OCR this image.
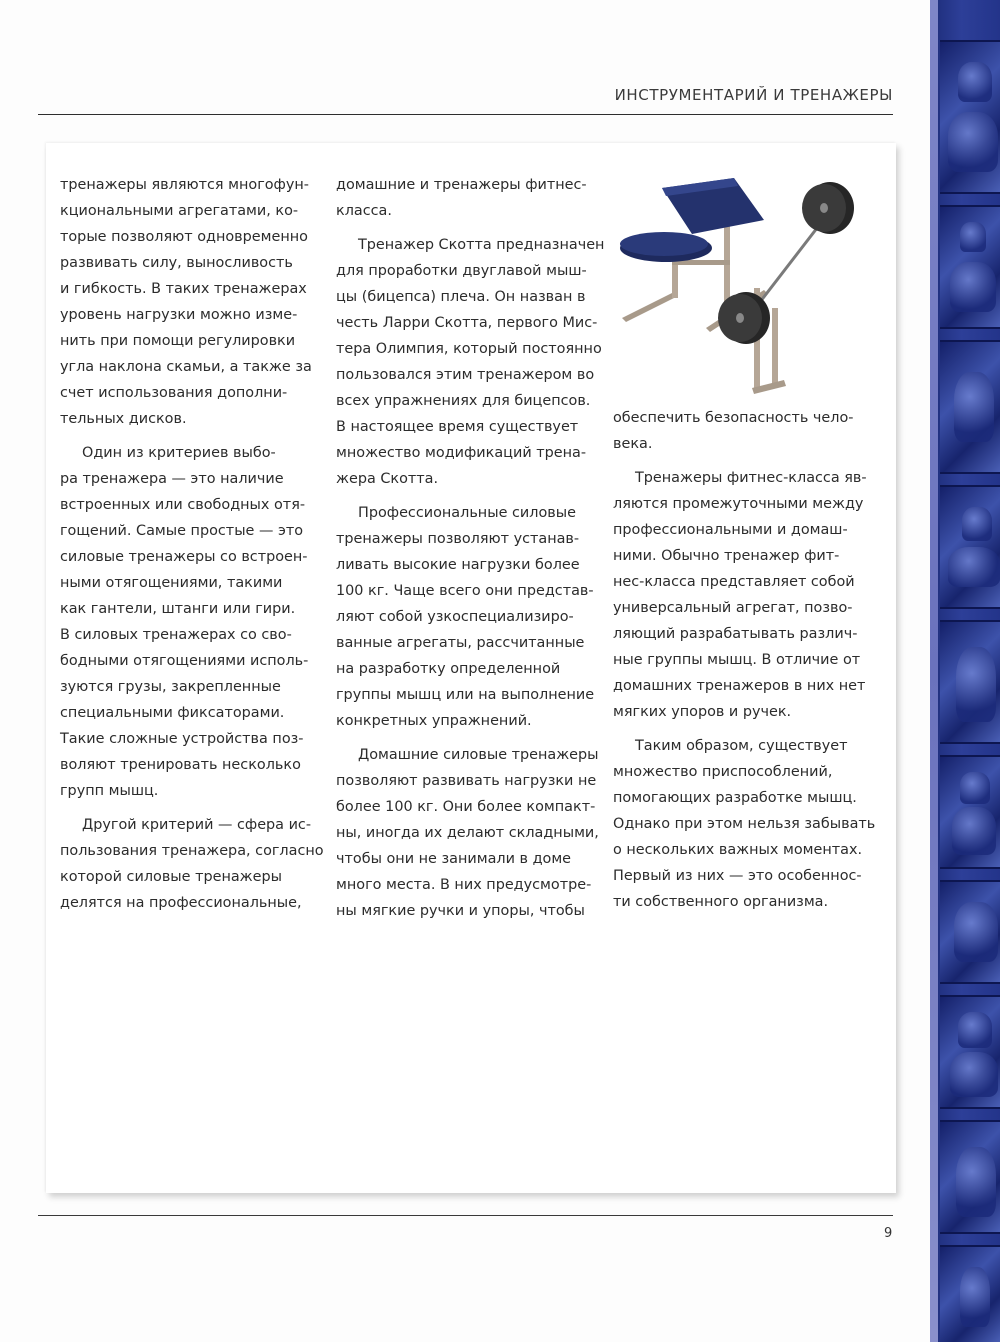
ИНСТРУМЕНТАРИЙ И ТРЕНАЖЕРЫ

тренажеры являются многофун-
кциональными агрегатами, ко-
торые позволяют одновременно
развивать силу, выносливость
и гибкость. В таких тренажерах
уровень нагрузки можно изме-
нить при помощи регулировки
угла наклона скамьи, а также за
счет использования дополни-
тельных дисков.

Один из критериев выбо-
ра тренажера — это наличие
встроенных или свободных отя-
гощений. Самые простые — это
силовые тренажеры со встроен-
ными отягощениями, такими
как гантели, штанги или гири.
В силовых тренажерах со сво-
бодными отягощениями исполь-
зуются грузы, закрепленные
специальными фиксаторами.
Такие сложные устройства поз-
воляют тренировать несколько
групп мышц.

Другой критерий — сфера ис-
пользования тренажера, согласно
которой силовые тренажеры
делятся на профессиональные,

домашние и тренажеры фитнес-
класса.

Тренажер Скотта предназначен
для проработки двуглавой мыш-
цы (бицепса) плеча. Он назван в
честь Ларри Скотта, первого Мис-
тера Олимпия, который постоянно
пользовался этим тренажером во
всех упражнениях для бицепсов.
В настоящее время существует
множество модификаций трена-
жера Скотта.

Профессиональные силовые
тренажеры позволяют устанав-
ливать высокие нагрузки более
100 кг. Чаще всего они представ-
ляют собой узкоспециализиро-
ванные агрегаты, рассчитанные
на разработку определенной
группы мышц или на выполнение
конкретных упражнений.

Домашние силовые тренажеры
позволяют развивать нагрузки не
более 100 кг. Они более компакт-
ны, иногда их делают складными,
чтобы они не занимали в доме
много места. В них предусмотре-
ны мягкие ручки и упоры, чтобы

обеспечить безопасность чело-
века.

Тренажеры фитнес-класса яв-
ляются промежуточными между
профессиональными и домаш-
ними. Обычно тренажер фит-
нес-класса представляет собой
универсальный агрегат, позво-
ляющий разрабатывать различ-
ные группы мышц. В отличие от
домашних тренажеров в них нет
мягких упоров и ручек.

Таким образом, существует
множество приспособлений,
помогающих разработке мышц.
Однако при этом нельзя забывать
о нескольких важных моментах.
Первый из них — это особеннос-
ти собственного организма.

9
